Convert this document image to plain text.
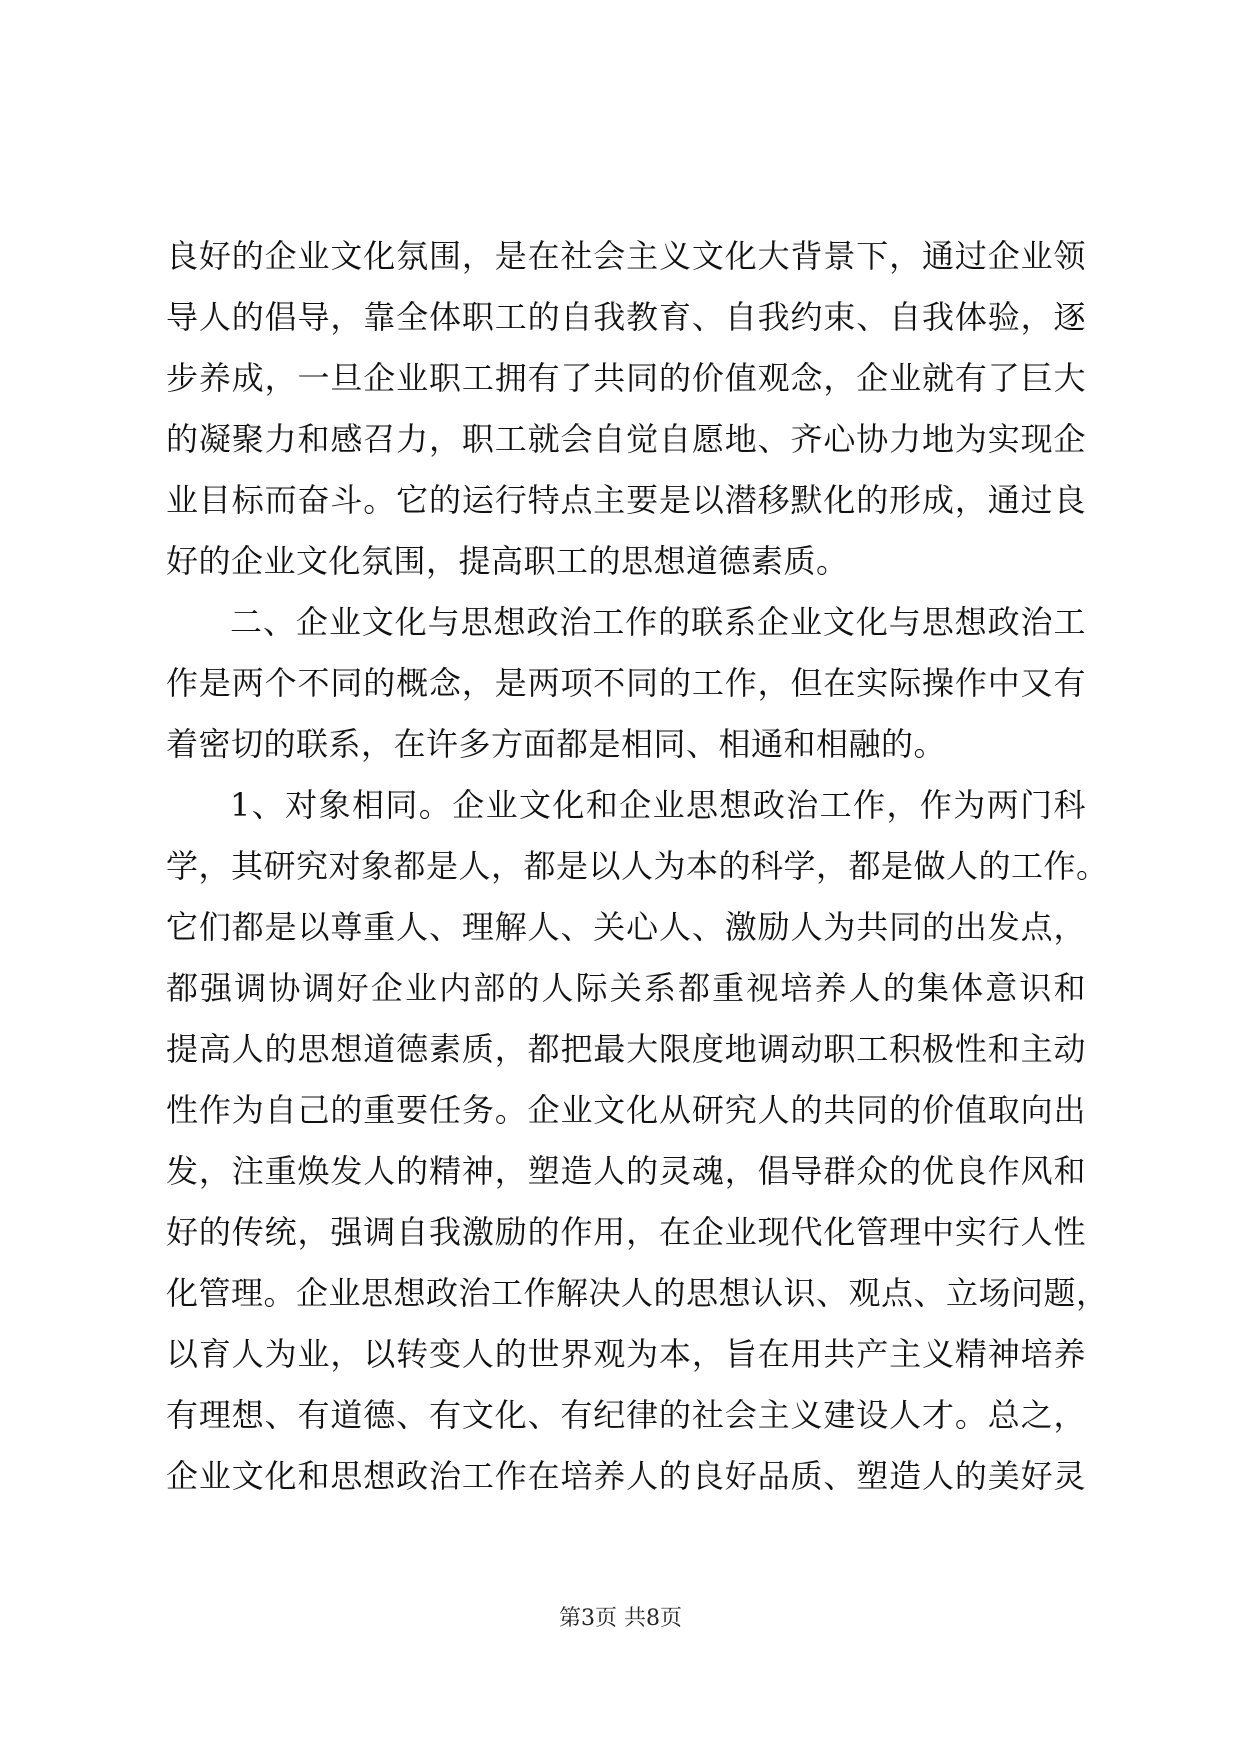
良好的企业文化氛围，是在社会主义文化大背景下，通过企业领
导人的倡导，靠全体职工的自我教育、自我约束、自我体验，逐
步养成，一旦企业职工拥有了共同的价值观念，企业就有了巨大
的凝聚力和感召力，职工就会自觉自愿地、齐心协力地为实现企
业目标而奋斗。它的运行特点主要是以潜移默化的形成，通过良
好的企业文化氛围，提高职工的思想道德素质。
二、企业文化与思想政治工作的联系企业文化与思想政治工
作是两个不同的概念，是两项不同的工作，但在实际操作中又有
着密切的联系，在许多方面都是相同、相通和相融的。
1、对象相同。企业文化和企业思想政治工作，作为两门科
学，其研究对象都是人，都是以人为本的科学，都是做人的工作。
它们都是以尊重人、理解人、关心人、激励人为共同的出发点，
都强调协调好企业内部的人际关系都重视培养人的集体意识和
提高人的思想道德素质，都把最大限度地调动职工积极性和主动
性作为自己的重要任务。企业文化从研究人的共同的价值取向出
发，注重焕发人的精神，塑造人的灵魂，倡导群众的优良作风和
好的传统，强调自我激励的作用，在企业现代化管理中实行人性
化管理。企业思想政治工作解决人的思想认识、观点、立场问题，
以育人为业，以转变人的世界观为本，旨在用共产主义精神培养
有理想、有道德、有文化、有纪律的社会主义建设人才。总之，
企业文化和思想政治工作在培养人的良好品质、塑造人的美好灵
第3页 共8页
